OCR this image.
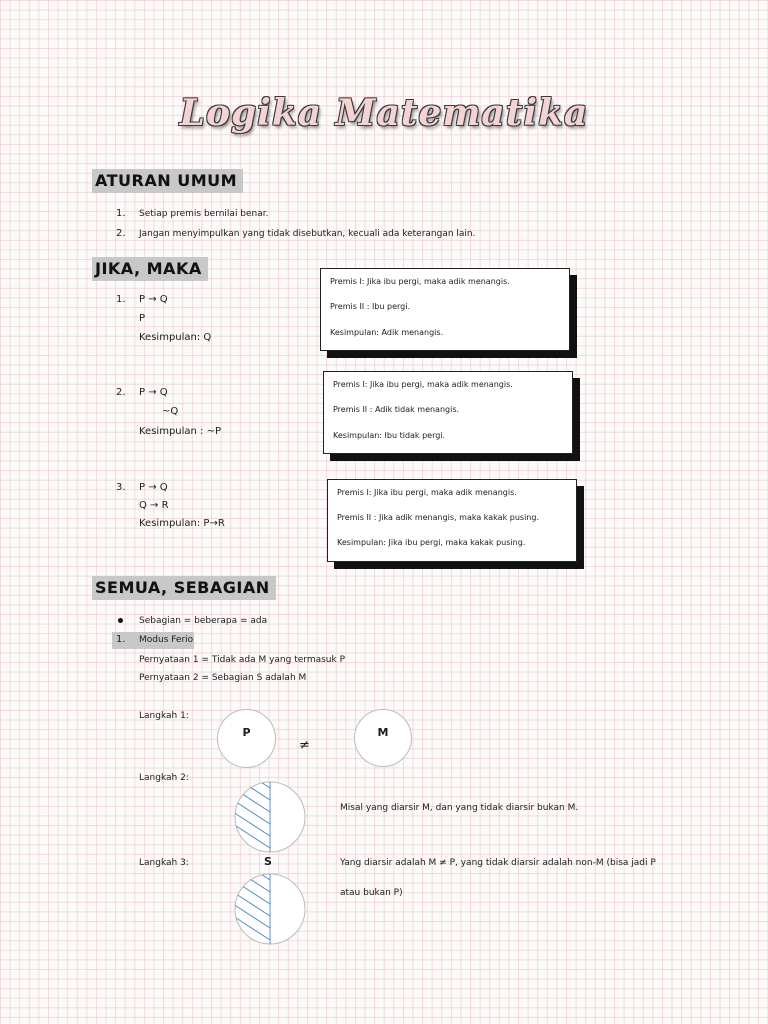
Logika Matematika
ATURAN UMUM
1. Setiap premis bernilai benar.
2. Jangan menyimpulkan yang tidak disebutkan, kecuali ada keterangan lain.
JIKA, MAKA
1. P → Q
P
Kesimpulan: Q
2. P → Q
~Q
Kesimpulan : ~P
3. P → Q
Q → R
Kesimpulan: P→R
Premis I: Jika ibu pergi, maka adik menangis.
Premis II : Ibu pergi.
Kesimpulan: Adik menangis.
Premis I: Jika ibu pergi, maka adik menangis.
Premis II : Adik tidak menangis.
Kesimpulan: Ibu tidak pergi.
Premis I: Jika ibu pergi, maka adik menangis.
Premis II : Jika adik menangis, maka kakak pusing.
Kesimpulan: Jika ibu pergi, maka kakak pusing.
SEMUA, SEBAGIAN
Sebagian = beberapa = ada
1. Modus Ferio
Pernyataan 1 = Tidak ada M yang termasuk P
Pernyataan 2 = Sebagian S adalah M
Langkah 1:
P
≠
M
Langkah 2:
Misal yang diarsir M, dan yang tidak diarsir bukan M.
Langkah 3:	S	Yang diarsir adalah M ≠ P, yang tidak diarsir adalah non-M (bisa jadi P
atau bukan P)
